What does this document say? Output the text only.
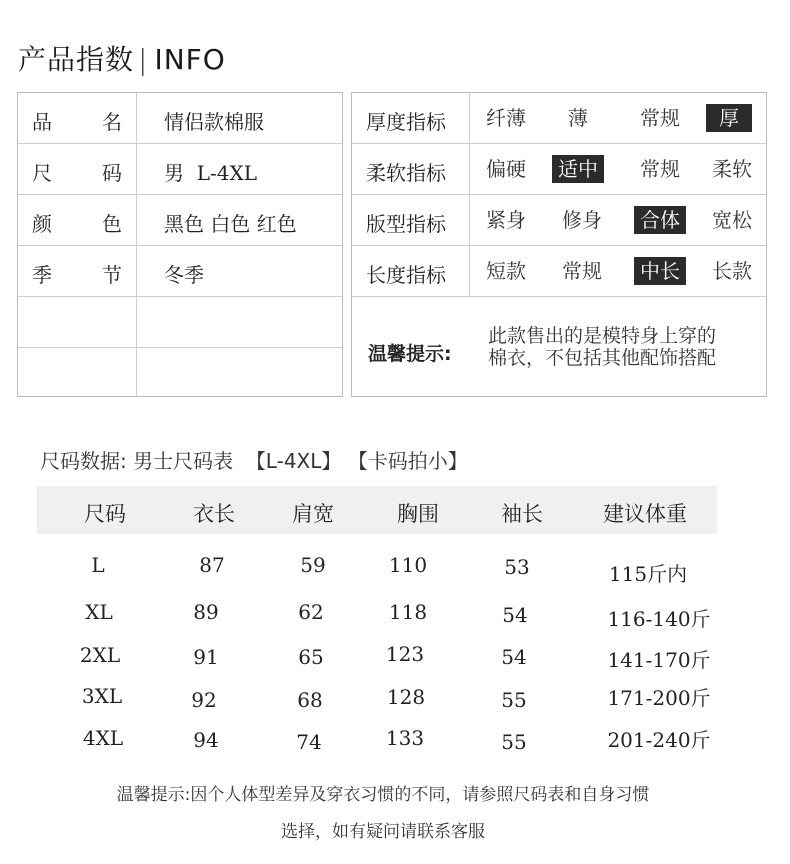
产品指数 | INFO
品	名 情侣款棉服
尺	码 男  L-4XL
颜	色 黑色 白色 红色
季	节 冬季
厚度指标	纤薄	薄	常规	厚
柔软指标	偏硬	适中	常规	柔软
版型指标	紧身	修身	合体	宽松
长度指标	短款	常规	中长	长款
温馨提示:
此款售出的是模特身上穿的
棉衣，不包括其他配饰搭配
尺码数据: 男士尺码表  【L-4XL】 【卡码拍小】
尺码	衣长	肩宽	胸围	袖长	建议体重
L	87	59	110	53	115斤内
XL	89	62	118	54	116-140斤
2XL	91	65	123	54	141-170斤
3XL	92	68	128	55	171-200斤
4XL	94	74	133	55	201-240斤
温馨提示:因个人体型差异及穿衣习惯的不同，请参照尺码表和自身习惯
选择，如有疑问请联系客服
